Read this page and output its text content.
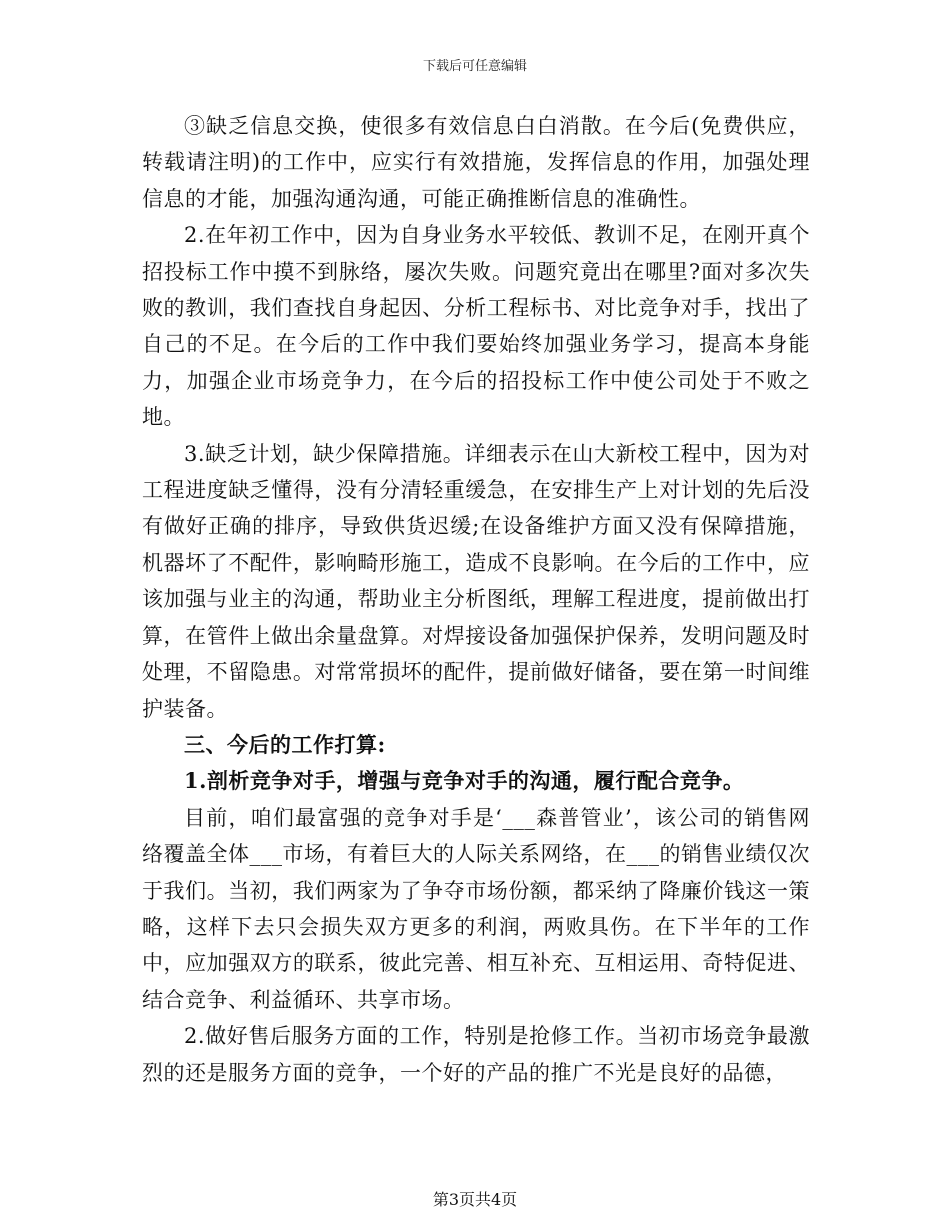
下载后可任意编辑

③缺乏信息交换，使很多有效信息白白消散。在今后(免费供应，转载请注明)的工作中，应实行有效措施，发挥信息的作用，加强处理信息的才能，加强沟通沟通，可能正确推断信息的准确性。

2.在年初工作中，因为自身业务水平较低、教训不足，在刚开真个招投标工作中摸不到脉络，屡次失败。问题究竟出在哪里?面对多次失败的教训，我们查找自身起因、分析工程标书、对比竞争对手，找出了自己的不足。在今后的工作中我们要始终加强业务学习，提高本身能力，加强企业市场竞争力，在今后的招投标工作中使公司处于不败之地。

3.缺乏计划，缺少保障措施。详细表示在山大新校工程中，因为对工程进度缺乏懂得，没有分清轻重缓急，在安排生产上对计划的先后没有做好正确的排序，导致供货迟缓;在设备维护方面又没有保障措施，机器坏了不配件，影响畸形施工，造成不良影响。在今后的工作中，应该加强与业主的沟通，帮助业主分析图纸，理解工程进度，提前做出打算，在管件上做出余量盘算。对焊接设备加强保护保养，发明问题及时处理，不留隐患。对常常损坏的配件，提前做好储备，要在第一时间维护装备。

三、今后的工作打算:

1.剖析竞争对手，增强与竞争对手的沟通，履行配合竞争。

目前，咱们最富强的竞争对手是‘___森普管业’，该公司的销售网络覆盖全体___市场，有着巨大的人际关系网络，在___的销售业绩仅次于我们。当初，我们两家为了争夺市场份额，都采纳了降廉价钱这一策略，这样下去只会损失双方更多的利润，两败具伤。在下半年的工作中，应加强双方的联系，彼此完善、相互补充、互相运用、奇特促进、结合竞争、利益循环、共享市场。

2.做好售后服务方面的工作，特别是抢修工作。当初市场竞争最激烈的还是服务方面的竞争，一个好的产品的推广不光是良好的品德，

第3页共4页
